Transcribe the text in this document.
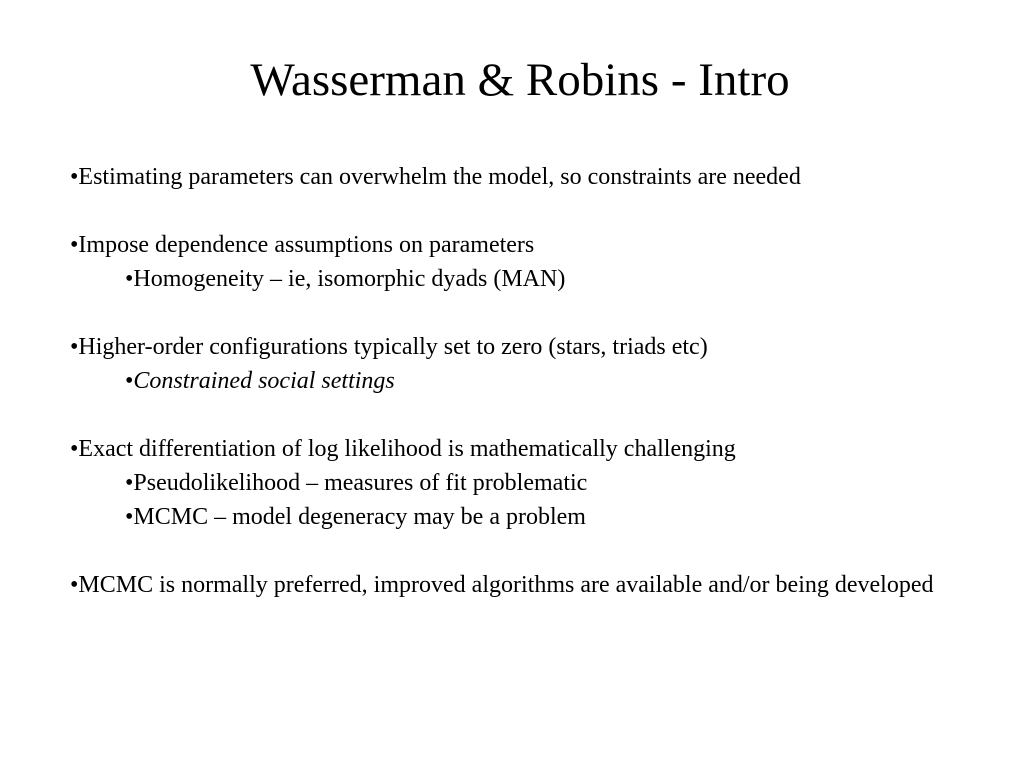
Wasserman & Robins - Intro
•Estimating parameters can overwhelm the model, so constraints are needed
•Impose dependence assumptions on parameters
•Homogeneity – ie, isomorphic dyads (MAN)
•Higher-order configurations typically set to zero (stars, triads etc)
•Constrained social settings
•Exact differentiation of log likelihood is mathematically challenging
•Pseudolikelihood – measures of fit problematic
•MCMC – model degeneracy may be a problem
•MCMC is normally preferred, improved algorithms are available and/or being developed
